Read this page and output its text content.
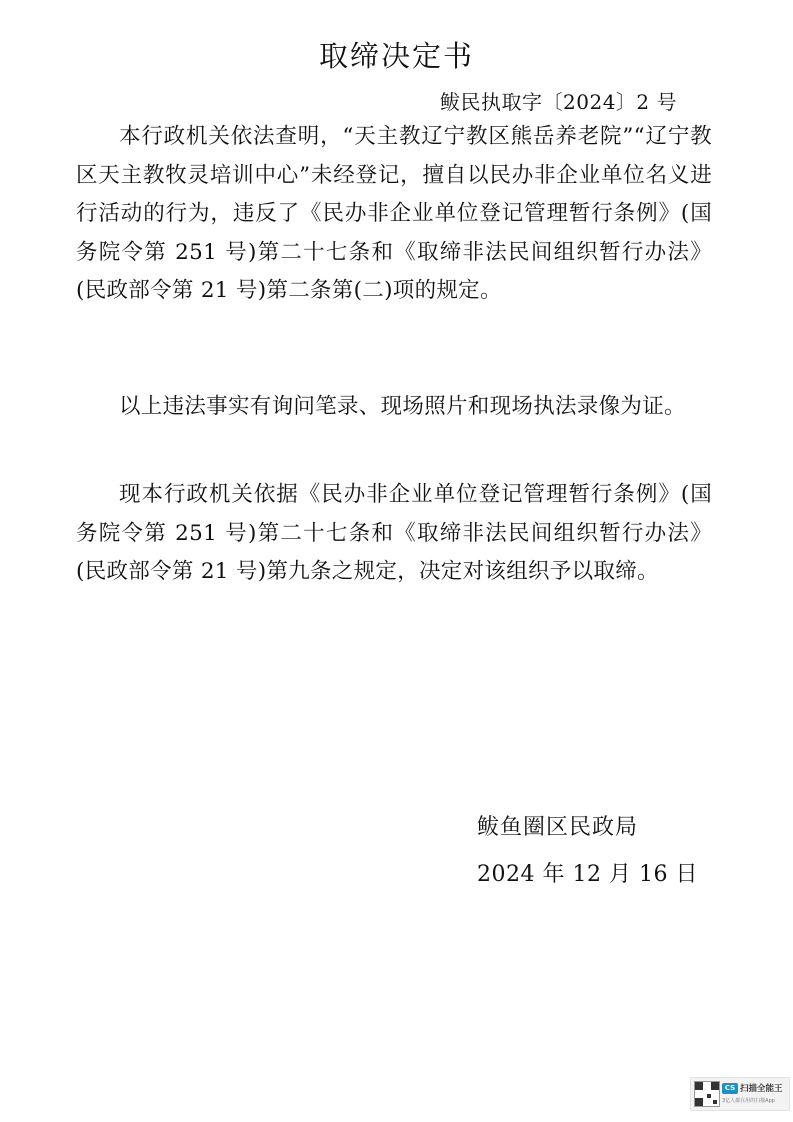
取缔决定书
鲅民执取字〔2024〕2 号

本行政机关依法查明，“天主教辽宁教区熊岳养老院”“辽宁教区天主教牧灵培训中心”未经登记，擅自以民办非企业单位名义进行活动的行为，违反了《民办非企业单位登记管理暂行条例》(国务院令第 251 号)第二十七条和《取缔非法民间组织暂行办法》(民政部令第 21 号)第二条第(二)项的规定。

以上违法事实有询问笔录、现场照片和现场执法录像为证。

现本行政机关依据《民办非企业单位登记管理暂行条例》(国务院令第 251 号)第二十七条和《取缔非法民间组织暂行办法》(民政部令第 21 号)第九条之规定，决定对该组织予以取缔。

鲅鱼圈区民政局
2024 年 12 月 16 日
CS 扫描全能王
3亿人都在用的扫描App
